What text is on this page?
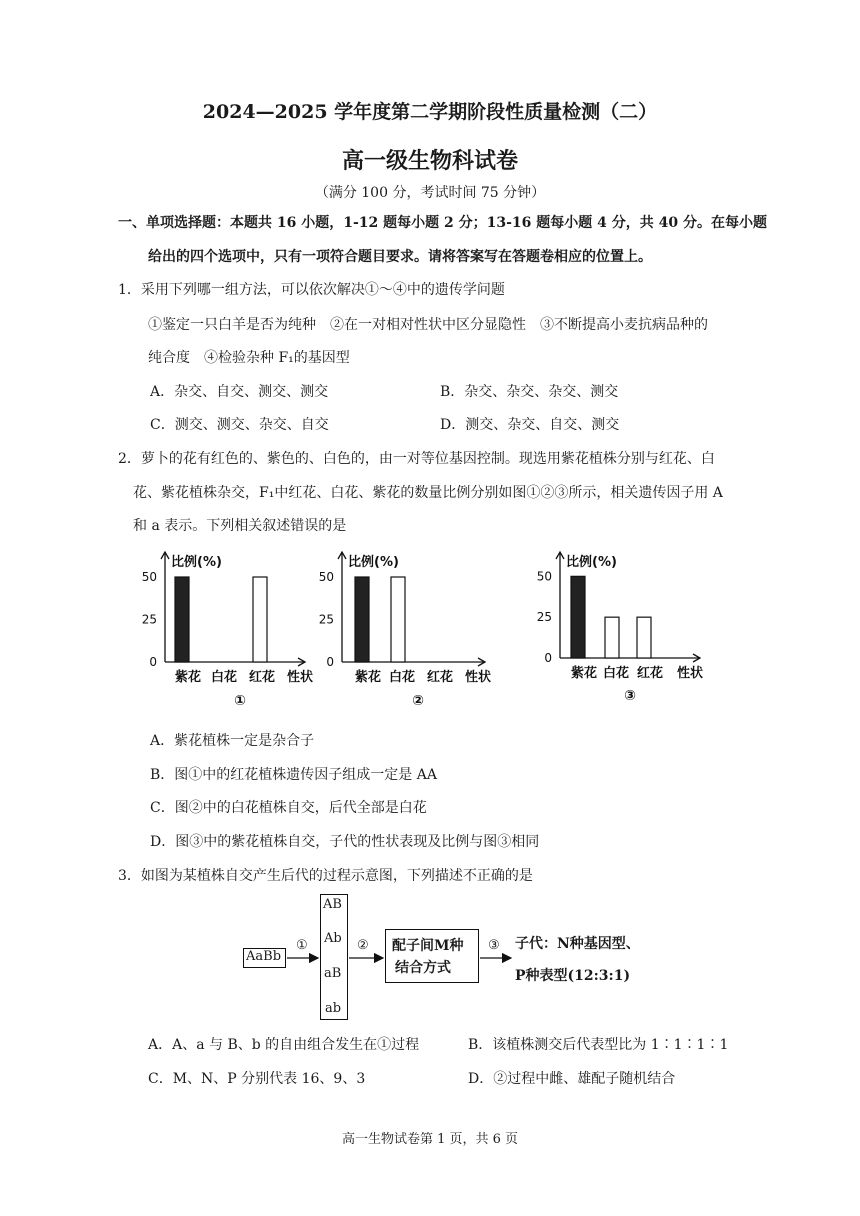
2024—2025 学年度第二学期阶段性质量检测（二）
高一级生物科试卷
（满分 100 分，考试时间 75 分钟）
一、单项选择题：本题共 16 小题，1-12 题每小题 2 分；13-16 题每小题 4 分，共 40 分。在每小题
给出的四个选项中，只有一项符合题目要求。请将答案写在答题卷相应的位置上。
1．采用下列哪一组方法，可以依次解决①～④中的遗传学问题
①鉴定一只白羊是否为纯种　②在一对相对性状中区分显隐性　③不断提高小麦抗病品种的
纯合度　④检验杂种 F₁的基因型
A．杂交、自交、测交、测交	B．杂交、杂交、杂交、测交
C．测交、测交、杂交、自交	D．测交、杂交、自交、测交
2．萝卜的花有红色的、紫色的、白色的，由一对等位基因控制。现选用紫花植株分别与红花、白
花、紫花植株杂交，F₁中红花、白花、紫花的数量比例分别如图①②③所示，相关遗传因子用 A
和 a 表示。下列相关叙述错误的是
比例(%)
0
25
50
紫花 白花 红花 性状
①
比例(%)
0
25
50
紫花 白花 红花 性状
②
比例(%)
0
25
50
紫花 白花 红花 性状
③
A．紫花植株一定是杂合子
B．图①中的红花植株遗传因子组成一定是 AA
C．图②中的白花植株自交，后代全部是白花
D．图③中的紫花植株自交，子代的性状表现及比例与图③相同
3．如图为某植株自交产生后代的过程示意图，下列描述不正确的是
AaBb
①
AB
Ab
aB
ab
② 配子间M种
结合方式
③ 子代：N种基因型、
P种表型(12:3:1)
A．A、a 与 B、b 的自由组合发生在①过程	B．该植株测交后代表型比为 1∶1∶1∶1
C．M、N、P 分别代表 16、9、3	D．②过程中雌、雄配子随机结合
高一生物试卷第 1 页，共 6 页
